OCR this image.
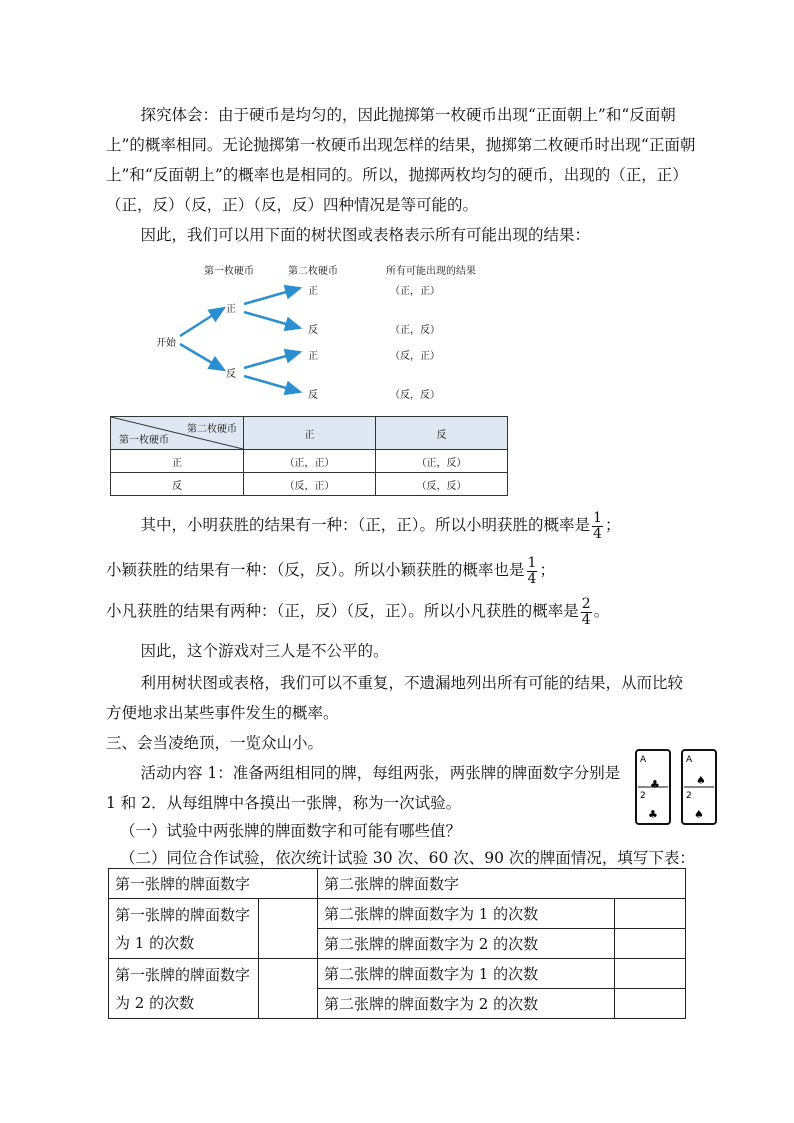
探究体会：由于硬币是均匀的，因此抛掷第一枚硬币出现“正面朝上”和“反面朝上”的概率相同。无论抛掷第一枚硬币出现怎样的结果，抛掷第二枚硬币时出现“正面朝上”和“反面朝上”的概率也是相同的。所以，抛掷两枚均匀的硬币，出现的（正，正）（正，反）（反，正）（反，反）四种情况是等可能的。

因此，我们可以用下面的树状图或表格表示所有可能出现的结果：

第一枚硬币	第二枚硬币	所有可能出现的结果
开始
正
反
正
反
正
反
（正，正）
（正，反）
（反，正）
（反，反）
第二枚硬币
第一枚硬币	正	反
正	（正，正）	（正，反）
反	（反，正）	（反，反）

其中，小明获胜的结果有一种：（正，正）。所以小明获胜的概率是 $\frac{1}{4}$ ；

小颖获胜的结果有一种：（反，反）。所以小颖获胜的概率也是 $\frac{1}{4}$ ；

小凡获胜的结果有两种：（正，反）（反，正）。所以小凡获胜的概率是 $\frac{2}{4}$ 。

因此，这个游戏对三人是不公平的。

利用树状图或表格，我们可以不重复，不遗漏地列出所有可能的结果，从而比较方便地求出某些事件发生的概率。

三、会当凌绝顶，一览众山小。

活动内容 1：准备两组相同的牌，每组两张，两张牌的牌面数字分别是 1 和 2．从每组牌中各摸出一张牌，称为一次试验。

A
2
♣
♣
A
2
♠
♠

（一）试验中两张牌的牌面数字和可能有哪些值？

（二）同位合作试验，依次统计试验 30 次、60 次、90 次的牌面情况，填写下表：

第一张牌的牌面数字		第二张牌的牌面数字	
第一张牌的牌面数字为 1 的次数		第二张牌的牌面数字为 1 的次数	
		第二张牌的牌面数字为 2 的次数	
第一张牌的牌面数字为 2 的次数		第二张牌的牌面数字为 1 的次数	
		第二张牌的牌面数字为 2 的次数	
